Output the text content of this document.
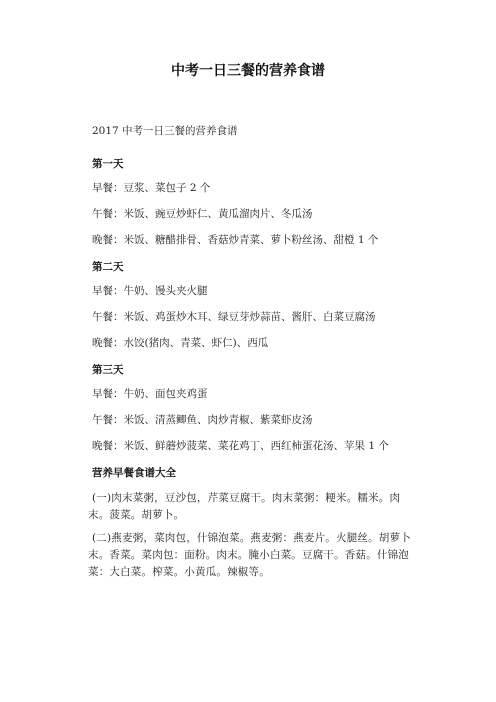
中考一日三餐的营养食谱
2017 中考一日三餐的营养食谱
第一天
早餐：豆浆、菜包子 2 个
午餐：米饭、豌豆炒虾仁、黄瓜溜肉片、冬瓜汤
晚餐：米饭、糖醋排骨、香菇炒青菜、萝卜粉丝汤、甜橙 1 个
第二天
早餐：牛奶、馒头夹火腿
午餐：米饭、鸡蛋炒木耳、绿豆芽炒蒜苗、酱肝、白菜豆腐汤
晚餐：水饺(猪肉、青菜、虾仁)、西瓜
第三天
早餐：牛奶、面包夹鸡蛋
午餐：米饭、清蒸鲫鱼、肉炒青椒、紫菜虾皮汤
晚餐：米饭、鲜蘑炒菠菜、菜花鸡丁、西红柿蛋花汤、苹果 1 个
营养早餐食谱大全
(一)肉末菜粥，豆沙包，芹菜豆腐干。肉末菜粥：粳米。糯米。肉末。菠菜。胡萝卜。
(二)燕麦粥，菜肉包，什锦泡菜。燕麦粥：燕麦片。火腿丝。胡萝卜末。香菜。菜肉包：面粉。肉末。腌小白菜。豆腐干。香菇。什锦泡菜：大白菜。榨菜。小黄瓜。辣椒等。
